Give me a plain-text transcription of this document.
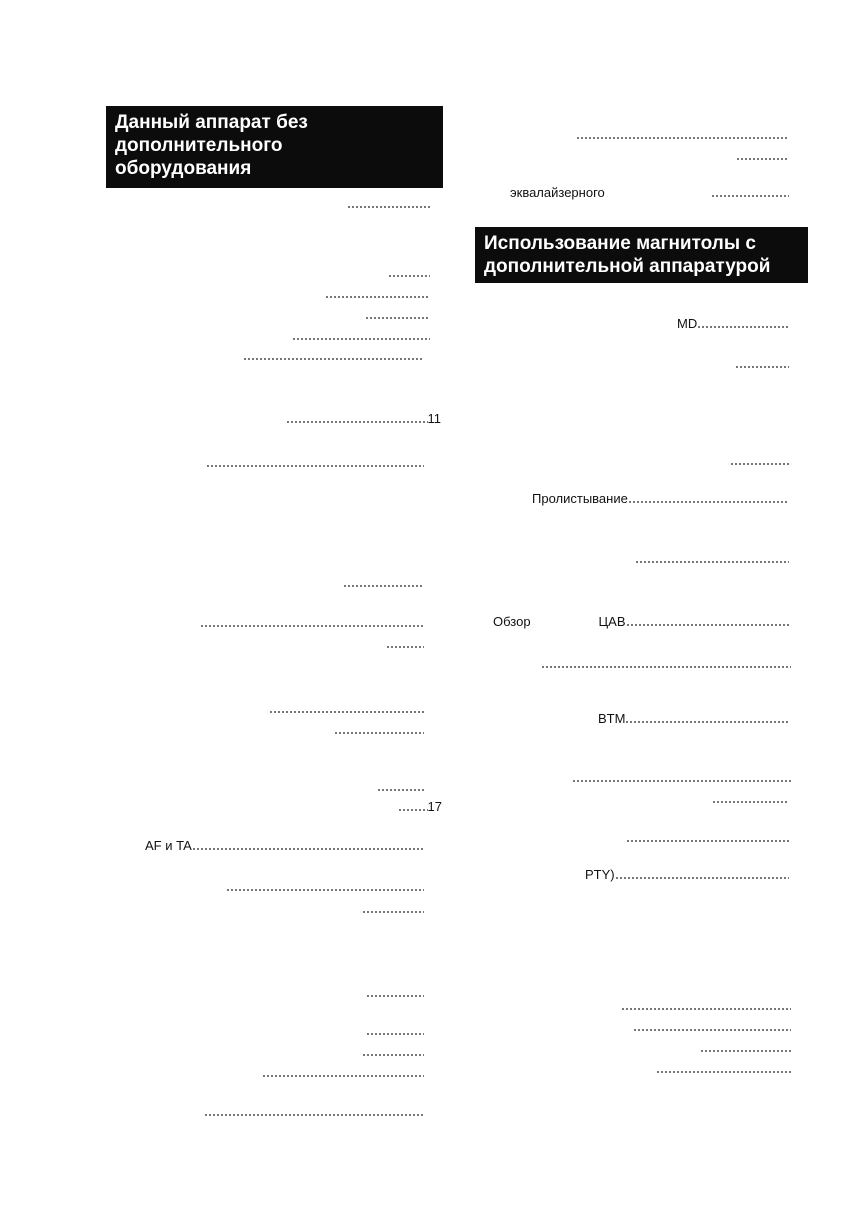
Данный аппарат без
дополнительного
оборудования
Использование магнитолы с
дополнительной аппаратурой
11
17
AF и TA
эквалайзерного
MD
Пролистывание
Обзор	ЦАВ
BTM
PTY)
